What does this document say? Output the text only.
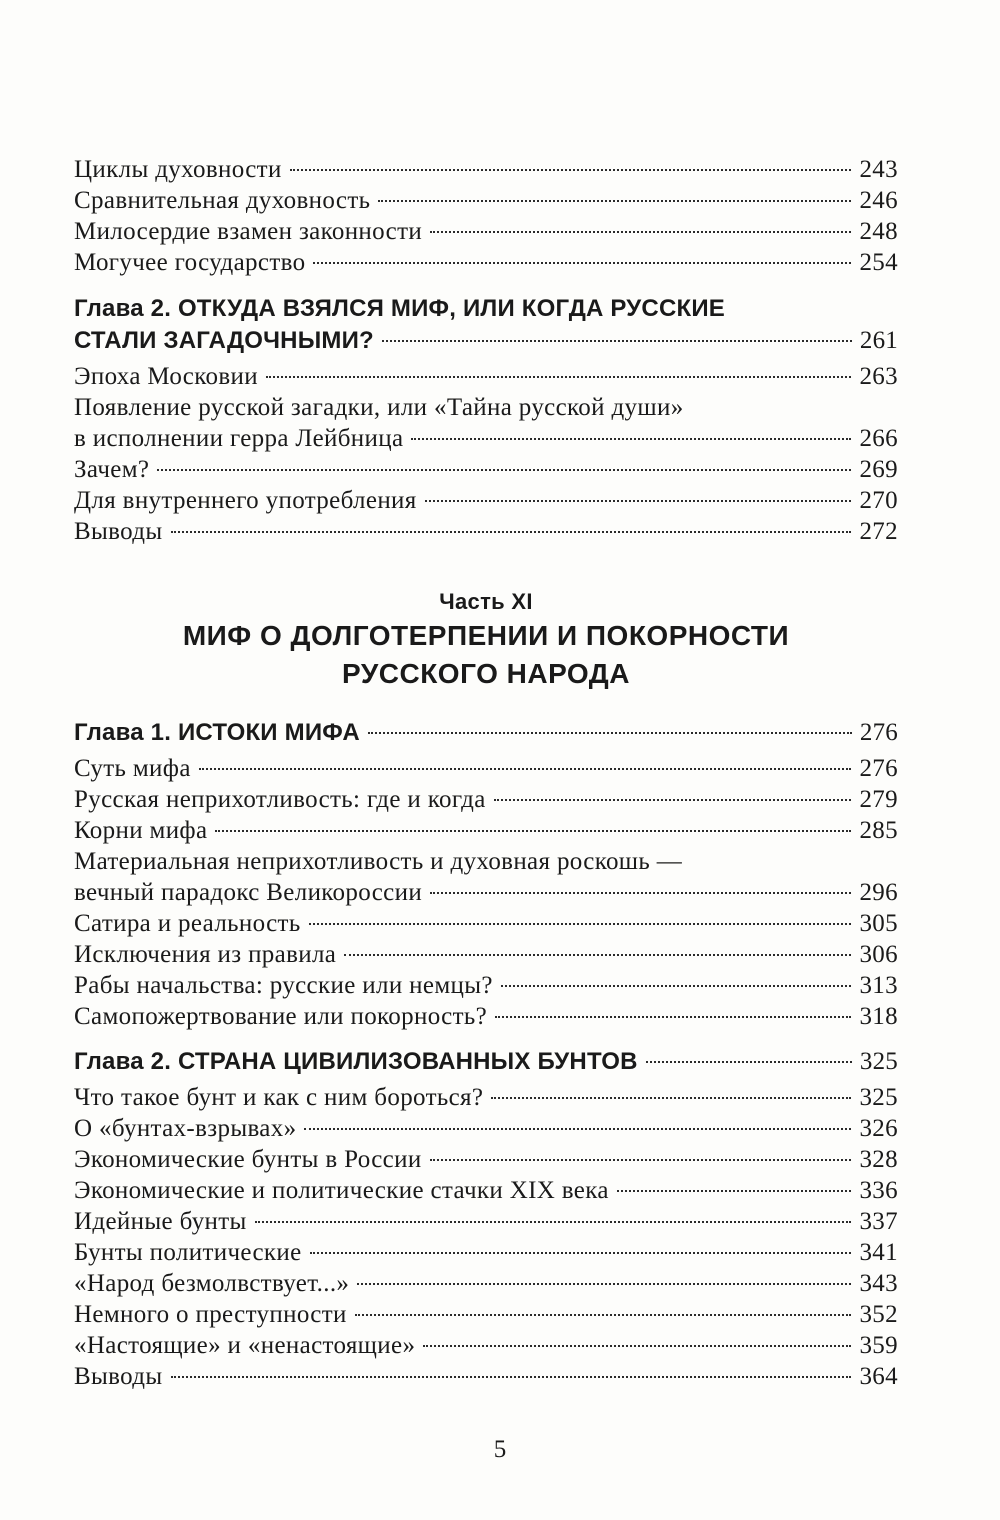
Циклы духовности	243
Сравнительная духовность	246
Милосердие взамен законности	248
Могучее государство	254
Глава 2. ОТКУДА ВЗЯЛСЯ МИФ, ИЛИ КОГДА РУССКИЕ
СТАЛИ ЗАГАДОЧНЫМИ?	261
Эпоха Московии	263
Появление русской загадки, или «Тайна русской души»
в исполнении герра Лейбница	266
Зачем?	269
Для внутреннего употребления	270
Выводы	272
Часть XI
МИФ О ДОЛГОТЕРПЕНИИ И ПОКОРНОСТИ
РУССКОГО НАРОДА
Глава 1. ИСТОКИ МИФА	276
Суть мифа	276
Русская неприхотливость: где и когда	279
Корни мифа	285
Материальная неприхотливость и духовная роскошь —
вечный парадокс Великороссии	296
Сатира и реальность	305
Исключения из правила	306
Рабы начальства: русские или немцы?	313
Самопожертвование или покорность?	318
Глава 2. СТРАНА ЦИВИЛИЗОВАННЫХ БУНТОВ	325
Что такое бунт и как с ним бороться?	325
О «бунтах-взрывах»	326
Экономические бунты в России	328
Экономические и политические стачки XIX века	336
Идейные бунты	337
Бунты политические	341
«Народ безмолвствует...»	343
Немного о преступности	352
«Настоящие» и «ненастоящие»	359
Выводы	364
5
